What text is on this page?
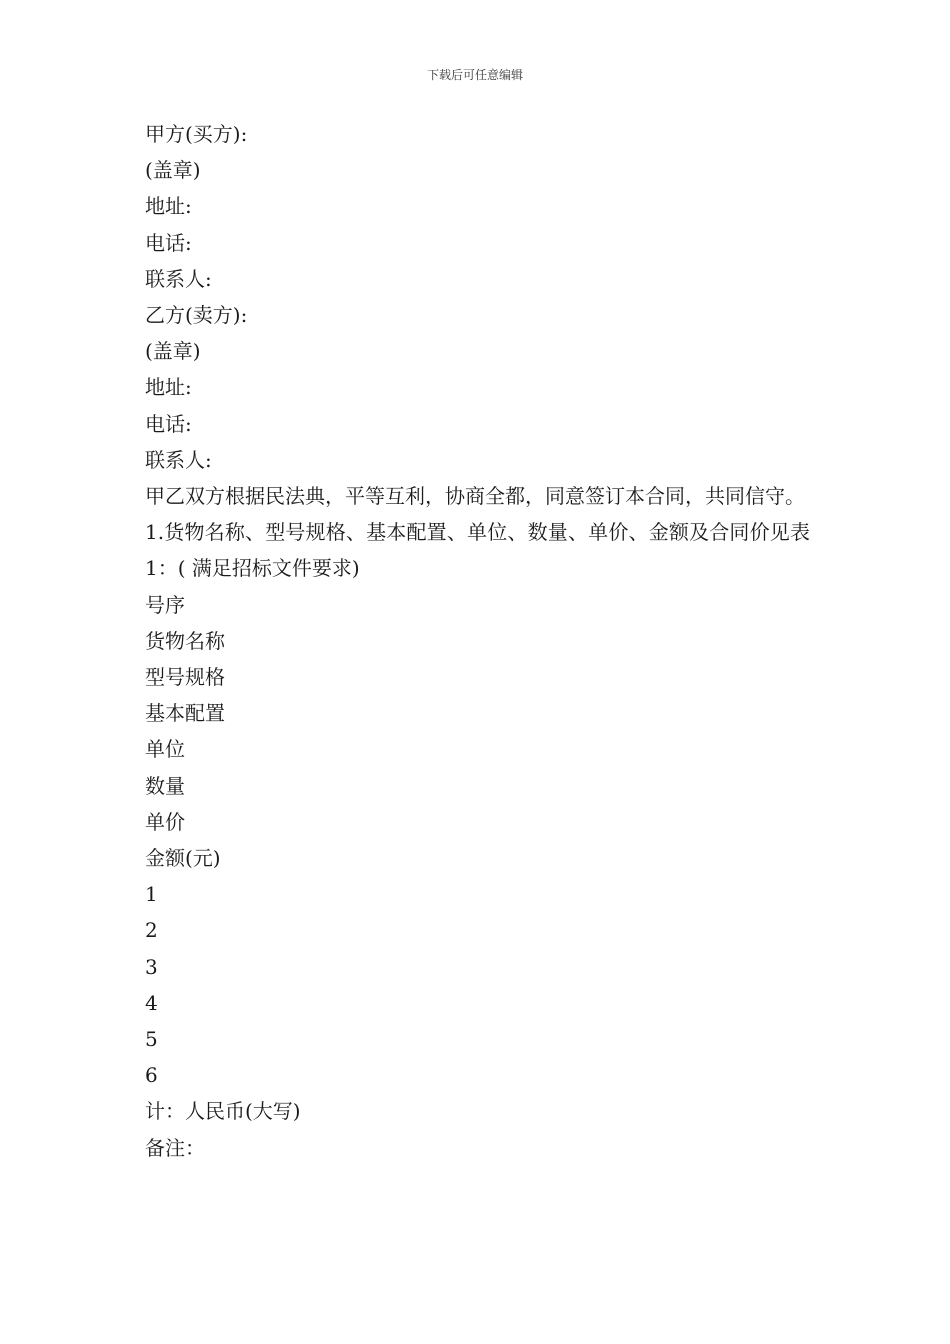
下载后可任意编辑

甲方(买方):

(盖章)

地址:

电话:

联系人:

乙方(卖方):

(盖章)

地址:

电话:

联系人:

甲乙双方根据民法典，平等互利，协商全都，同意签订本合同，共同信守。

1.货物名称、型号规格、基本配置、单位、数量、单价、金额及合同价见表 1：( 满足招标文件要求)

号序

货物名称

型号规格

基本配置

单位

数量

单价

金额(元)

1

2

3

4

5

6

计：人民币(大写)

备注：
